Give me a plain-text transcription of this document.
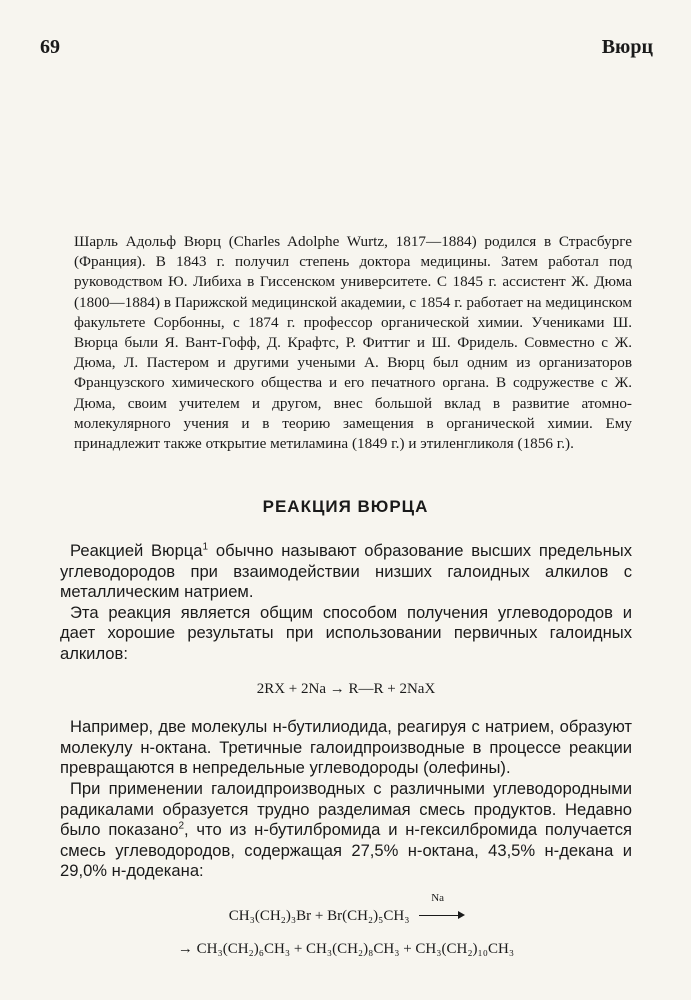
69	Вюрц
Шарль Адольф Вюрц (Charles Adolphe Wurtz, 1817—1884) родился в Страсбурге (Франция). В 1843 г. получил степень доктора медицины. Затем работал под руководством Ю. Либиха в Гиссенском университете. С 1845 г. ассистент Ж. Дюма (1800—1884) в Парижской медицинской академии, с 1854 г. работает на медицинском факультете Сорбонны, с 1874 г. профессор органической химии. Учениками Ш. Вюрца были Я. Вант-Гофф, Д. Крафтс, Р. Фиттиг и Ш. Фридель. Совместно с Ж. Дюма, Л. Пастером и другими учеными А. Вюрц был одним из организаторов Французского химического общества и его печатного органа. В содружестве с Ж. Дюма, своим учителем и другом, внес большой вклад в развитие атомно-молекулярного учения и в теорию замещения в органической химии. Ему принадлежит также открытие метиламина (1849 г.) и этиленгликоля (1856 г.).
РЕАКЦИЯ ВЮРЦА

Реакцией Вюрца$^1$ обычно называют образование высших предельных углеводородов при взаимодействии низших галоидных алкилов с металлическим натрием.

Эта реакция является общим способом получения углеводородов и дает хорошие результаты при использовании первичных галоидных алкилов:

2RX + 2Na → R—R + 2NaX

Например, две молекулы н-бутилиодида, реагируя с натрием, образуют молекулу н-октана. Третичные галоидпроизводные в процессе реакции превращаются в непредельные углеводороды (олефины).

При применении галоидпроизводных с различными углеводородными радикалами образуется трудно разделимая смесь продуктов. Недавно было показано$^2$, что из н-бутилбромида и н-гексилбромида получается смесь углеводородов, содержащая 27,5% н-октана, 43,5% н-декана и 29,0% н-додекана:

CH₃(CH₂)₃Br + Br(CH₂)₅CH₃
Na
→ CH₃(CH₂)₆CH₃ + CH₃(CH₂)₈CH₃ + CH₃(CH₂)₁₀CH₃
